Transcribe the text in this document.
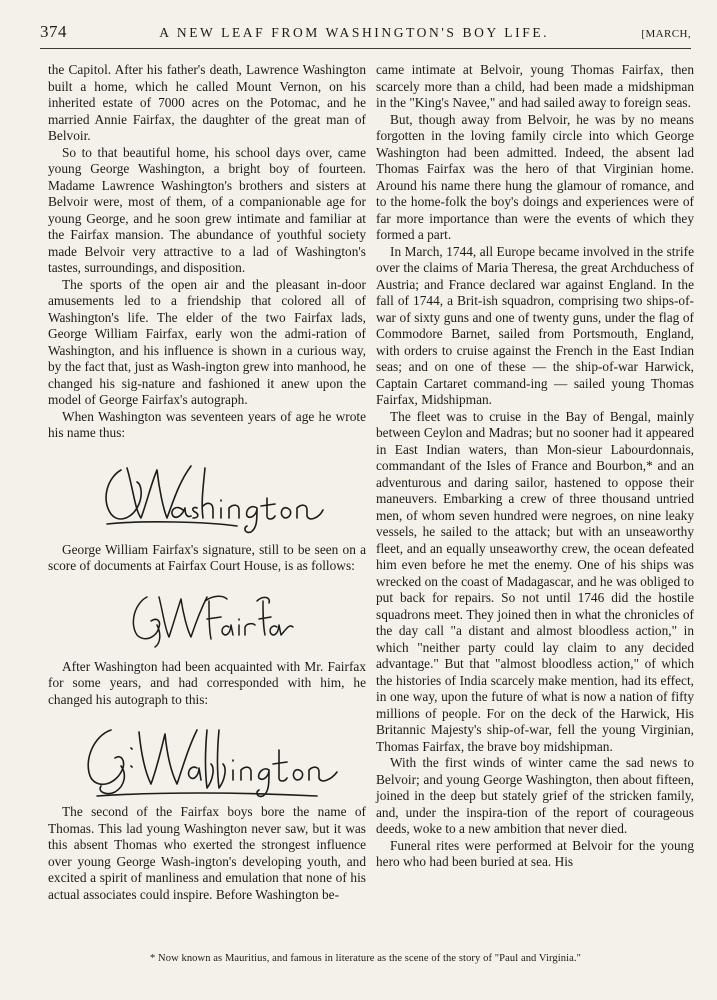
374	A NEW LEAF FROM WASHINGTON'S BOY LIFE.	[MARCH,

the Capitol. After his father's death, Lawrence Washington built a home, which he called Mount Vernon, on his inherited estate of 7000 acres on the Potomac, and he married Annie Fairfax, the daughter of the great man of Belvoir.

So to that beautiful home, his school days over, came young George Washington, a bright boy of fourteen. Madame Lawrence Washington's brothers and sisters at Belvoir were, most of them, of a companionable age for young George, and he soon grew intimate and familiar at the Fairfax mansion. The abundance of youthful society made Belvoir very attractive to a lad of Washington's tastes, surroundings, and disposition.

The sports of the open air and the pleasant in-door amusements led to a friendship that colored all of Washington's life. The elder of the two Fairfax lads, George William Fairfax, early won the admi-ration of Washington, and his influence is shown in a curious way, by the fact that, just as Wash-ington grew into manhood, he changed his sig-nature and fashioned it anew upon the model of George Fairfax's autograph.

When Washington was seventeen years of age he wrote his name thus:

George William Fairfax's signature, still to be seen on a score of documents at Fairfax Court House, is as follows:

After Washington had been acquainted with Mr. Fairfax for some years, and had corresponded with him, he changed his autograph to this:

The second of the Fairfax boys bore the name of Thomas. This lad young Washington never saw, but it was this absent Thomas who exerted the strongest influence over young George Wash-ington's developing youth, and excited a spirit of manliness and emulation that none of his actual associates could inspire. Before Washington be-

came intimate at Belvoir, young Thomas Fairfax, then scarcely more than a child, had been made a midshipman in the "King's Navee," and had sailed away to foreign seas.

But, though away from Belvoir, he was by no means forgotten in the loving family circle into which George Washington had been admitted. Indeed, the absent lad Thomas Fairfax was the hero of that Virginian home. Around his name there hung the glamour of romance, and to the home-folk the boy's doings and experiences were of far more importance than were the events of which they formed a part.

In March, 1744, all Europe became involved in the strife over the claims of Maria Theresa, the great Archduchess of Austria; and France declared war against England. In the fall of 1744, a Brit-ish squadron, comprising two ships-of-war of sixty guns and one of twenty guns, under the flag of Commodore Barnet, sailed from Portsmouth, England, with orders to cruise against the French in the East Indian seas; and on one of these — the ship-of-war Harwick, Captain Cartaret command-ing — sailed young Thomas Fairfax, Midshipman.

The fleet was to cruise in the Bay of Bengal, mainly between Ceylon and Madras; but no sooner had it appeared in East Indian waters, than Mon-sieur Labourdonnais, commandant of the Isles of France and Bourbon,* and an adventurous and daring sailor, hastened to oppose their maneuvers. Embarking a crew of three thousand untried men, of whom seven hundred were negroes, on nine leaky vessels, he sailed to the attack; but with an unseaworthy fleet, and an equally unseaworthy crew, the ocean defeated him even before he met the enemy. One of his ships was wrecked on the coast of Madagascar, and he was obliged to put back for repairs. So not until 1746 did the hostile squadrons meet. They joined then in what the chronicles of the day call "a distant and almost bloodless action," in which "neither party could lay claim to any decided advantage." But that "almost bloodless action," of which the histories of India scarcely make mention, had its effect, in one way, upon the future of what is now a nation of fifty millions of people. For on the deck of the Harwick, His Britannic Majesty's ship-of-war, fell the young Virginian, Thomas Fairfax, the brave boy midshipman.

With the first winds of winter came the sad news to Belvoir; and young George Washington, then about fifteen, joined in the deep but stately grief of the stricken family, and, under the inspira-tion of the report of courageous deeds, woke to a new ambition that never died.

Funeral rites were performed at Belvoir for the young hero who had been buried at sea. His

* Now known as Mauritius, and famous in literature as the scene of the story of "Paul and Virginia."
